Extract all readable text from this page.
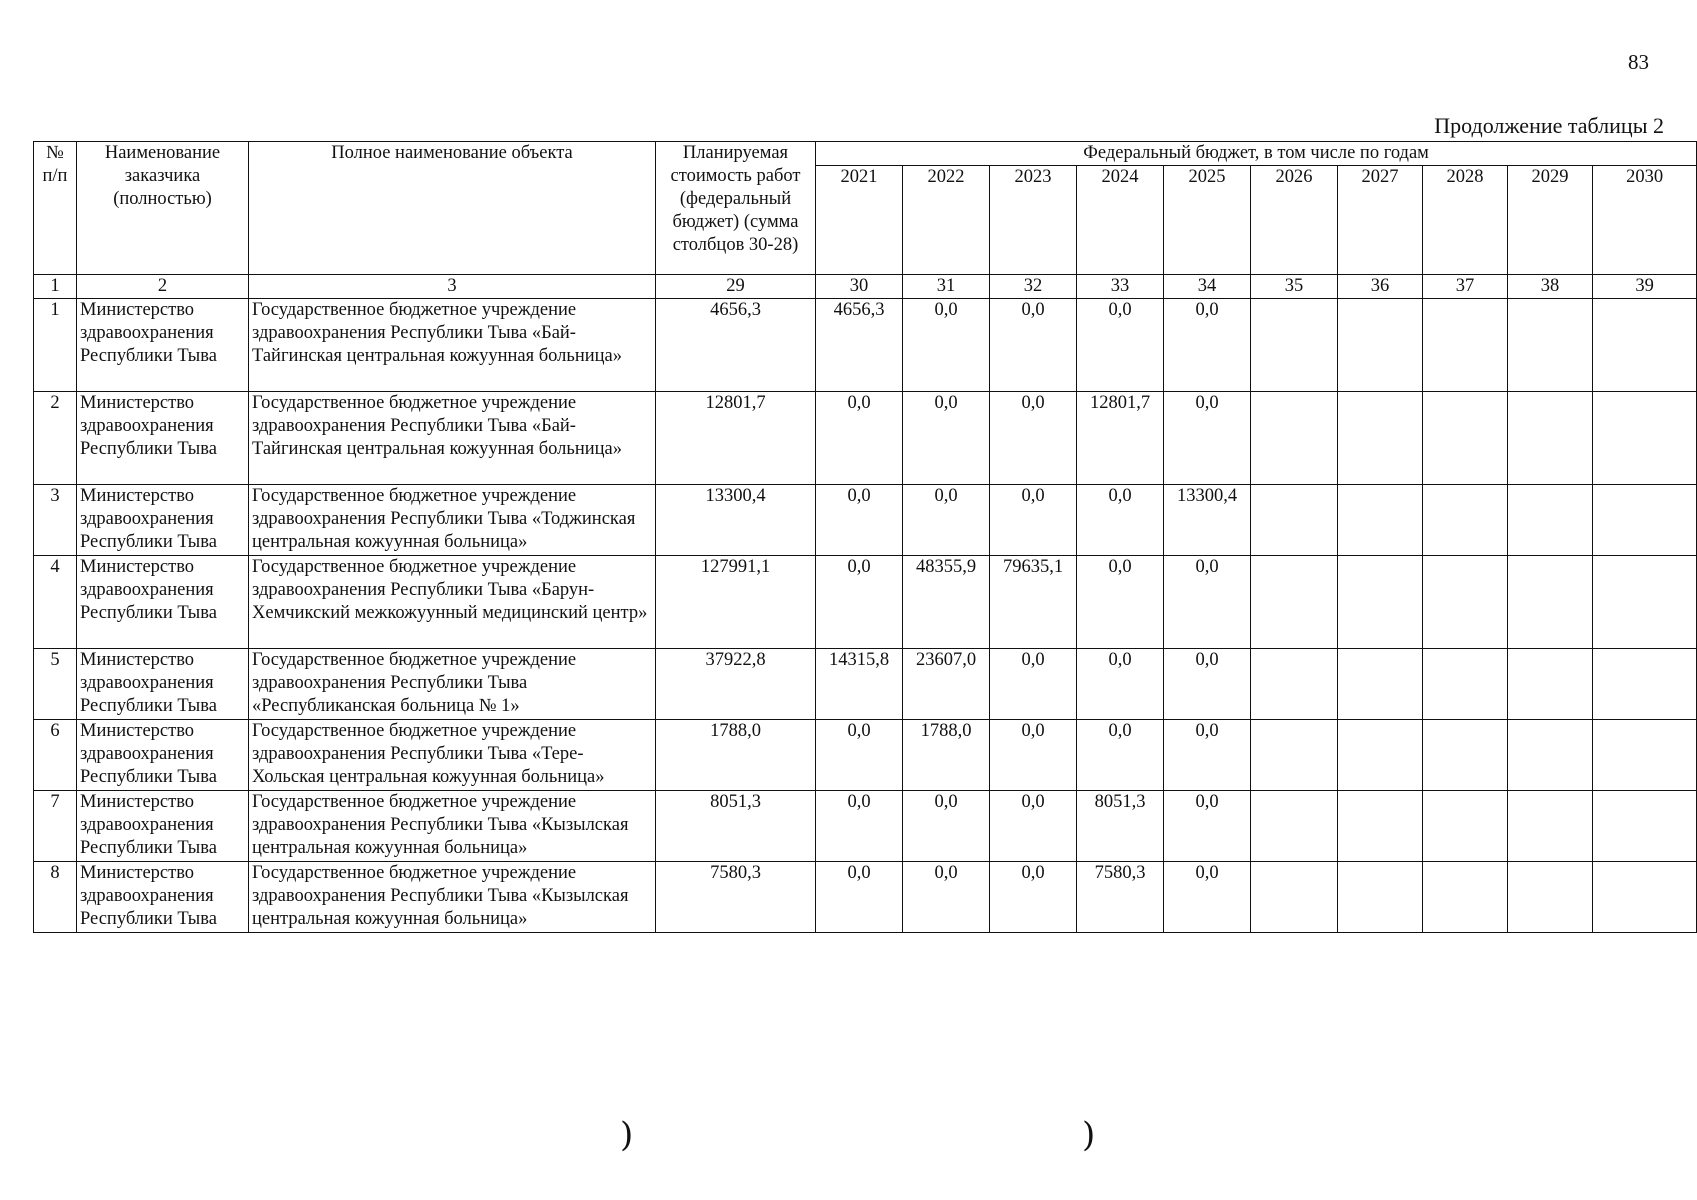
83
Продолжение таблицы 2
№ п/п	Наименование заказчика (полностью)	Полное наименование объекта	Планируемая стоимость работ (федеральный бюджет) (сумма столбцов 30-28)	Федеральный бюджет, в том числе по годам									
				2021	2022	2023	2024	2025	2026	2027	2028	2029	2030
1	2	3	29	30	31	32	33	34	35	36	37	38	39
1	Министерство здравоохранения Республики Тыва	Государственное бюджетное учреждение здравоохранения Республики Тыва «Бай-Тайгинская центральная кожуунная больница»	4656,3	4656,3	0,0	0,0	0,0	0,0					
2	Министерство здравоохранения Республики Тыва	Государственное бюджетное учреждение здравоохранения Республики Тыва «Бай-Тайгинская центральная кожуунная больница»	12801,7	0,0	0,0	0,0	12801,7	0,0					
3	Министерство здравоохранения Республики Тыва	Государственное бюджетное учреждение здравоохранения Республики Тыва «Тоджинская центральная кожуунная больница»	13300,4	0,0	0,0	0,0	0,0	13300,4					
4	Министерство здравоохранения Республики Тыва	Государственное бюджетное учреждение здравоохранения Республики Тыва «Барун-Хемчикский межкожуунный медицинский центр»	127991,1	0,0	48355,9	79635,1	0,0	0,0					
5	Министерство здравоохранения Республики Тыва	Государственное бюджетное учреждение здравоохранения Республики Тыва «Республиканская больница № 1»	37922,8	14315,8	23607,0	0,0	0,0	0,0					
6	Министерство здравоохранения Республики Тыва	Государственное бюджетное учреждение здравоохранения Республики Тыва «Тере-Хольская центральная кожуунная больница»	1788,0	0,0	1788,0	0,0	0,0	0,0					
7	Министерство здравоохранения Республики Тыва	Государственное бюджетное учреждение здравоохранения Республики Тыва «Кызылская центральная кожуунная больница»	8051,3	0,0	0,0	0,0	8051,3	0,0					
8	Министерство здравоохранения Республики Тыва	Государственное бюджетное учреждение здравоохранения Республики Тыва «Кызылская центральная кожуунная больница»	7580,3	0,0	0,0	0,0	7580,3	0,0					
)	)
